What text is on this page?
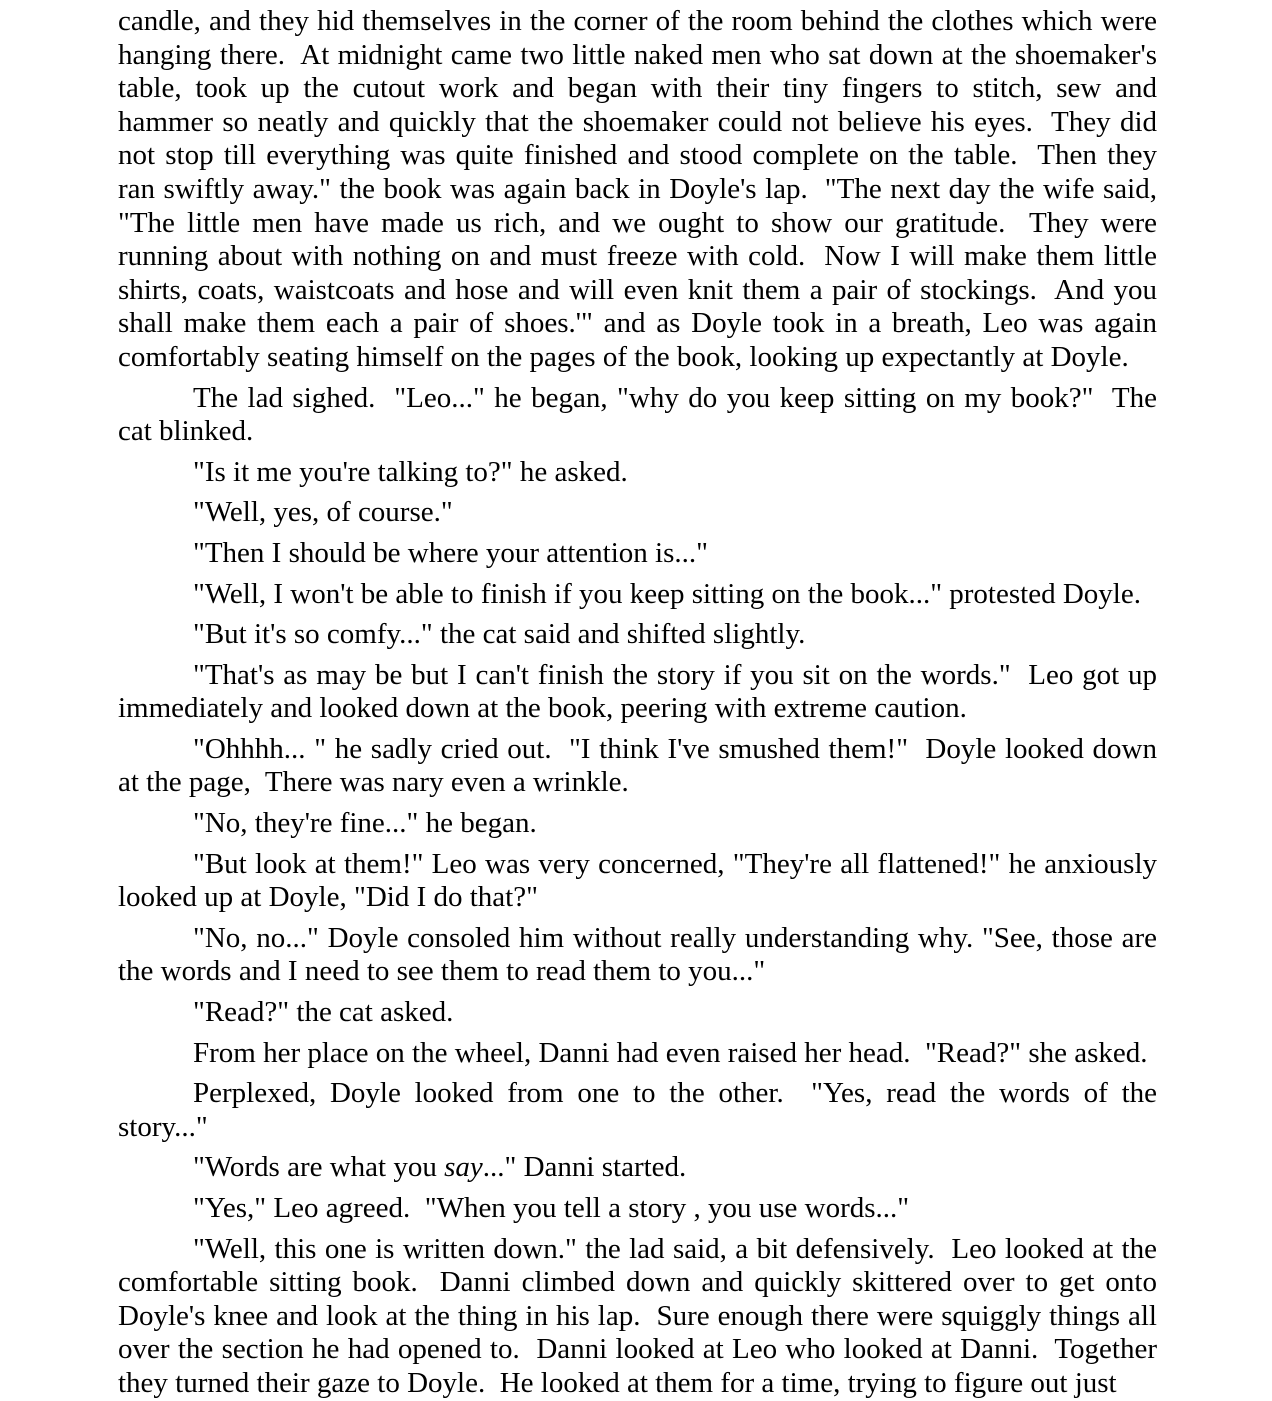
candle, and they hid themselves in the corner of the room behind the clothes which were hanging there.  At midnight came two little naked men who sat down at the shoemaker's table, took up the cutout work and began with their tiny fingers to stitch, sew and hammer so neatly and quickly that the shoemaker could not believe his eyes.  They did not stop till everything was quite finished and stood complete on the table.  Then they ran swiftly away." the book was again back in Doyle's lap.  "The next day the wife said, "The little men have made us rich, and we ought to show our gratitude.  They were running about with nothing on and must freeze with cold.  Now I will make them little shirts, coats, waistcoats and hose and will even knit them a pair of stockings.  And you shall make them each a pair of shoes.'" and as Doyle took in a breath, Leo was again comfortably seating himself on the pages of the book, looking up expectantly at Doyle.

The lad sighed.  "Leo..." he began, "why do you keep sitting on my book?"  The cat blinked.

"Is it me you're talking to?" he asked.

"Well, yes, of course."

"Then I should be where your attention is..."

"Well, I won't be able to finish if you keep sitting on the book..." protested Doyle.

"But it's so comfy..." the cat said and shifted slightly.

"That's as may be but I can't finish the story if you sit on the words."  Leo got up immediately and looked down at the book, peering with extreme caution.

"Ohhhh... " he sadly cried out.  "I think I've smushed them!"  Doyle looked down at the page,  There was nary even a wrinkle.

"No, they're fine..." he began.

"But look at them!" Leo was very concerned, "They're all flattened!" he anxiously looked up at Doyle, "Did I do that?"

"No, no..." Doyle consoled him without really understanding why. "See, those are the words and I need to see them to read them to you..."

"Read?" the cat asked.

From her place on the wheel, Danni had even raised her head.  "Read?" she asked.

Perplexed, Doyle looked from one to the other.  "Yes, read the words of the story..."

"Words are what you say..." Danni started.

"Yes," Leo agreed.  "When you tell a story , you use words..."

"Well, this one is written down." the lad said, a bit defensively.  Leo looked at the comfortable sitting book.  Danni climbed down and quickly skittered over to get onto Doyle's knee and look at the thing in his lap.  Sure enough there were squiggly things all over the section he had opened to.  Danni looked at Leo who looked at Danni.  Together they turned their gaze to Doyle.  He looked at them for a time, trying to figure out just
